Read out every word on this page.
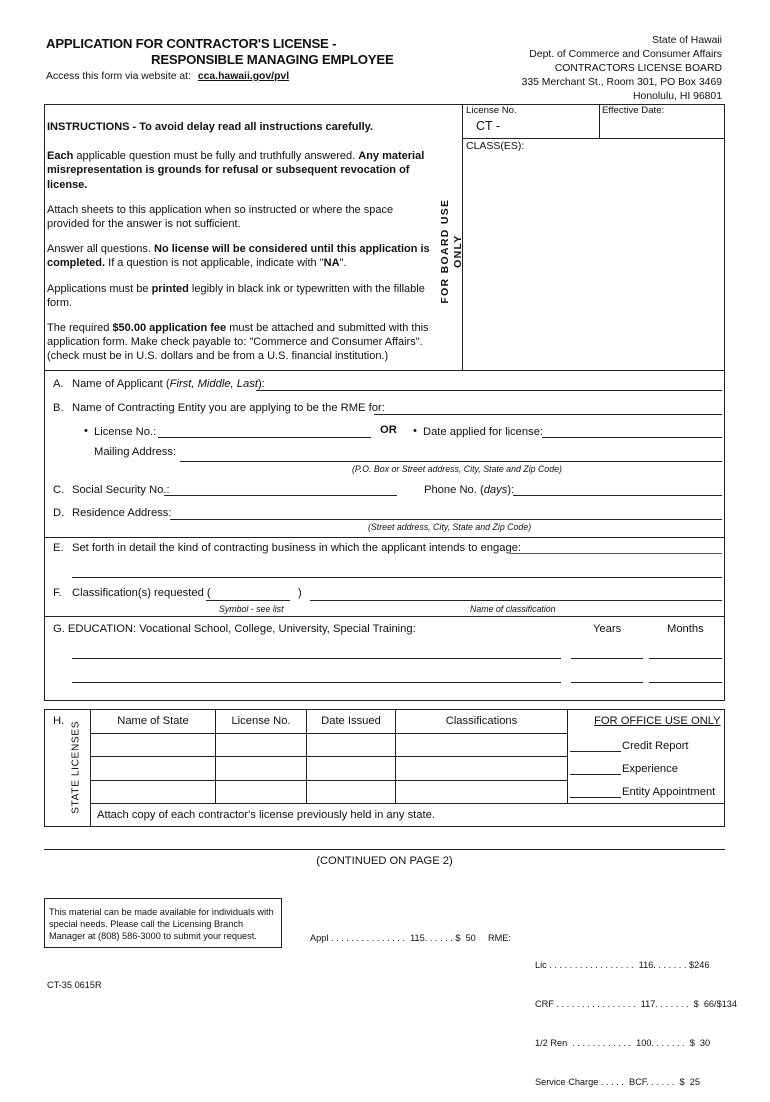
APPLICATION FOR CONTRACTOR'S LICENSE -
RESPONSIBLE MANAGING EMPLOYEE
Access this form via website at: cca.hawaii.gov/pvl
State of Hawaii
Dept. of Commerce and Consumer Affairs
CONTRACTORS LICENSE BOARD
335 Merchant St., Room 301, PO Box 3469
Honolulu, HI 96801

INSTRUCTIONS - To avoid delay read all instructions carefully.

Each applicable question must be fully and truthfully answered. Any material misrepresentation is grounds for refusal or subsequent revocation of license.

Attach sheets to this application when so instructed or where the space provided for the answer is not sufficient.

Answer all questions. No license will be considered until this application is completed. If a question is not applicable, indicate with "NA".

Applications must be printed legibly in black ink or typewritten with the fillable form.

The required $50.00 application fee must be attached and submitted with this application form. Make check payable to: "Commerce and Consumer Affairs". (check must be in U.S. dollars and be from a U.S. financial institution.)

FOR BOARD USE ONLY
License No.
CT -
Effective Date:
CLASS(ES):
A. Name of Applicant (First, Middle, Last):
B. Name of Contracting Entity you are applying to be the RME for:
• License No.:	OR • Date applied for license:
Mailing Address:
(P.O. Box or Street address, City, State and Zip Code)
C. Social Security No.:	Phone No. (days):
D. Residence Address:
(Street address, City, State and Zip Code)
E. Set forth in detail the kind of contracting business in which the applicant intends to engage:
F. Classification(s) requested (	)
Symbol - see list	Name of classification
G. EDUCATION: Vocational School, College, University, Special Training:	Years	Months
H. STATE LICENSES	Name of State	License No.	Date Issued	Classifications	FOR OFFICE USE ONLY
Credit Report
Experience
Entity Appointment
Attach copy of each contractor's license previously held in any state.
(CONTINUED ON PAGE 2)
This material can be made available for individuals with special needs. Please call the Licensing Branch Manager at (808) 586-3000 to submit your request.	Appl . . . . . . . . . . . . . . .  115. . . . . . $  50 RME:

Lic . . . . . . . . . . . . . . . . .  116. . . . . . . $246

CRF . . . . . . . . . . . . . . . .  117. . . . . . .  $  66/$134

1/2 Ren  . . . . . . . . . . . .  100. . . . . . .  $  30

Service Charge . . . . .  BCF. . . . . .  $  25

CT-35 0615R
